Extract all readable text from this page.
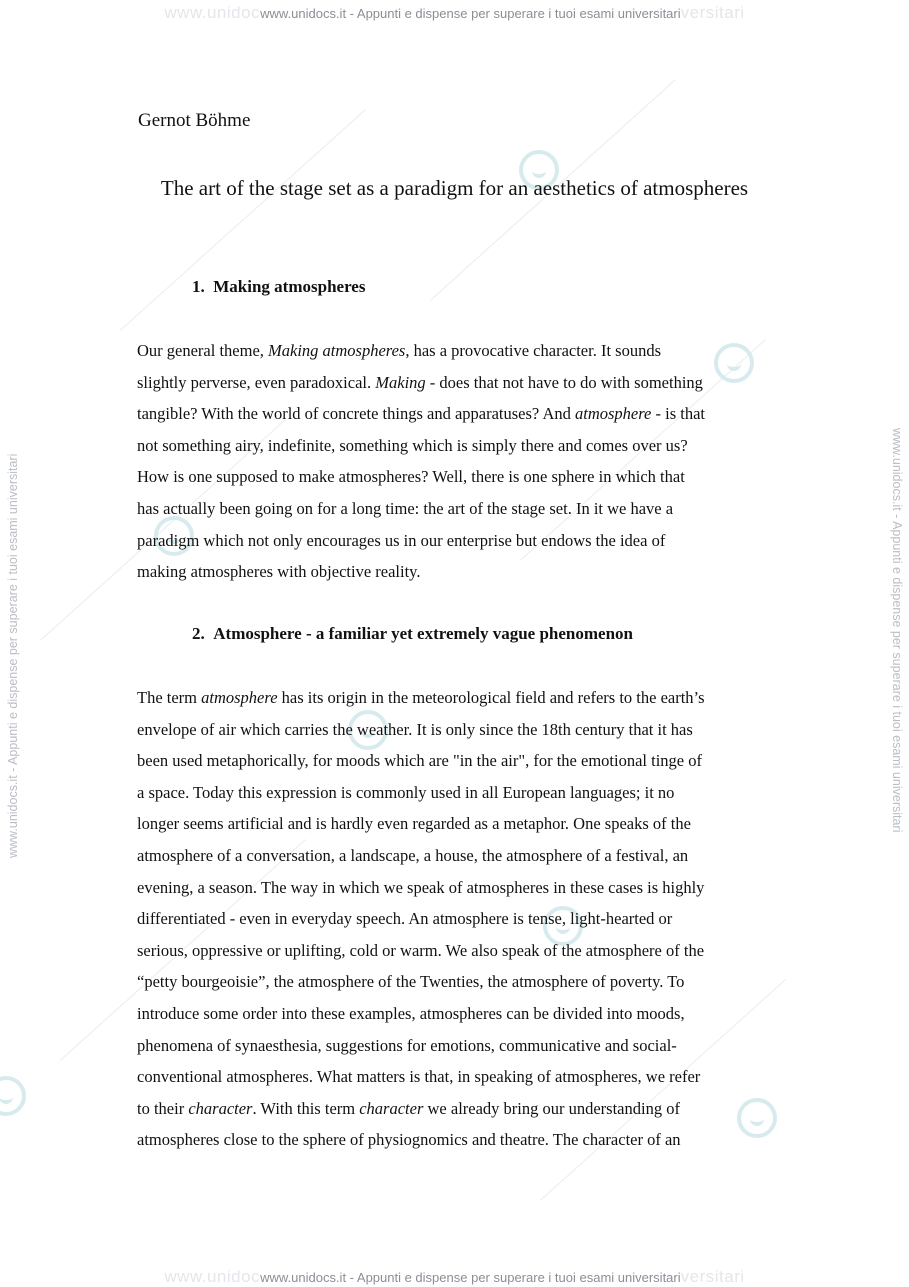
www.unidocwww.unidocs.it - Appunti e dispense per superare i tuoi esami universitariversitari
www.unidocwww.unidocs.it - Appunti e dispense per superare i tuoi esami universitariversitari
www.unidocs.it - Appunti e dispense per superare i tuoi esami universitari	www.unidocs.it - Appunti e dispense per superare i tuoi esami universitari
Gernot Böhme
The art of the stage set as a paradigm for an aesthetics of atmospheres
1. Making atmospheres
Our general theme, Making atmospheres, has a provocative character. It sounds
slightly perverse, even paradoxical. Making - does that not have to do with something
tangible? With the world of concrete things and apparatuses? And atmosphere - is that
not something airy, indefinite, something which is simply there and comes over us?
How is one supposed to make atmospheres? Well, there is one sphere in which that
has actually been going on for a long time: the art of the stage set. In it we have a
paradigm which not only encourages us in our enterprise but endows the idea of
making atmospheres with objective reality.
2. Atmosphere - a familiar yet extremely vague phenomenon
The term atmosphere has its origin in the meteorological field and refers to the earth’s
envelope of air which carries the weather. It is only since the 18th century that it has
been used metaphorically, for moods which are "in the air", for the emotional tinge of
a space. Today this expression is commonly used in all European languages; it no
longer seems artificial and is hardly even regarded as a metaphor. One speaks of the
atmosphere of a conversation, a landscape, a house, the atmosphere of a festival, an
evening, a season. The way in which we speak of atmospheres in these cases is highly
differentiated - even in everyday speech. An atmosphere is tense, light-hearted or
serious, oppressive or uplifting, cold or warm. We also speak of the atmosphere of the
“petty bourgeoisie”, the atmosphere of the Twenties, the atmosphere of poverty. To
introduce some order into these examples, atmospheres can be divided into moods,
phenomena of synaesthesia, suggestions for emotions, communicative and social-
conventional atmospheres. What matters is that, in speaking of atmospheres, we refer
to their character. With this term character we already bring our understanding of
atmospheres close to the sphere of physiognomics and theatre. The character of an
